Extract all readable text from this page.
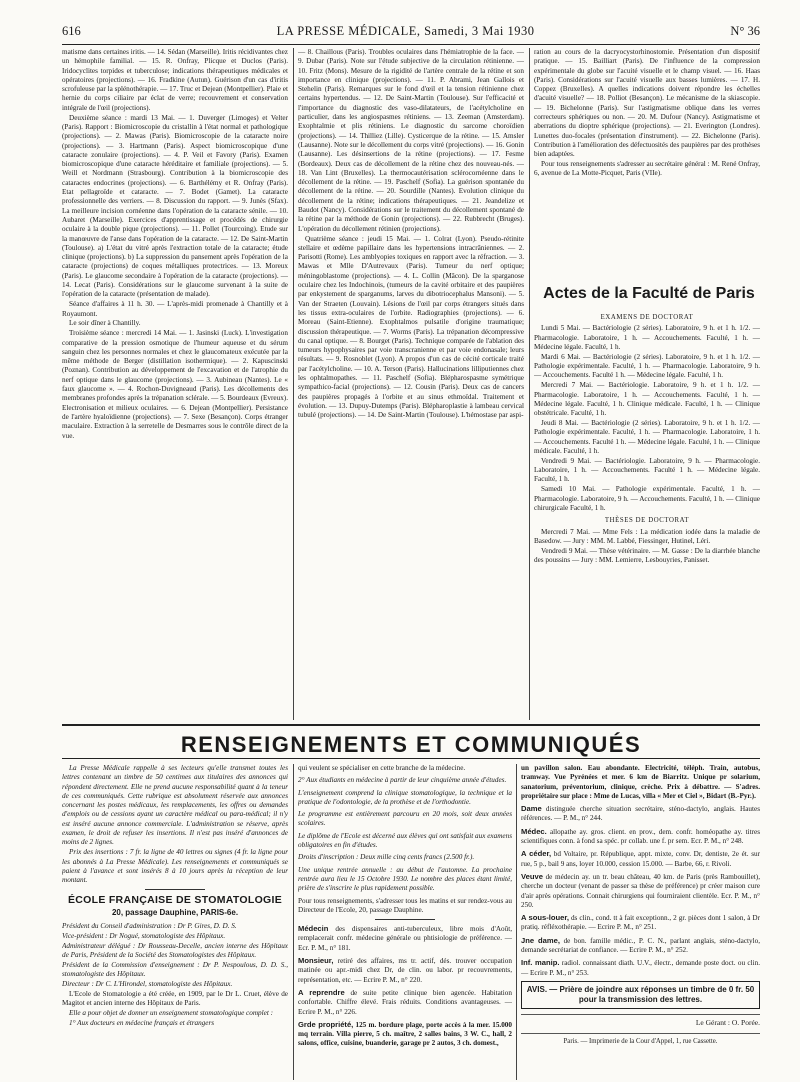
616	LA PRESSE MÉDICALE, Samedi, 3 Mai 1930	N° 36

matisme dans certaines iritis. — 14. Sédan (Marseille). Iritis récidivantes chez un hémophile familial. — 15. R. Onfray, Plicque et Duclos (Paris). Iridocyclites torpides et tuberculose; indications thérapeutiques médicales et opératoires (projections). — 16. Fradkine (Autun). Guérison d'un cas d'iritis scrofuleuse par la splénothérapie. — 17. Truc et Dejean (Montpellier). Plaie et hernie du corps ciliaire par éclat de verre; recouvrement et conservation intégrale de l'œil (projections).

Deuxième séance : mardi 13 Mai. — 1. Duverger (Limoges) et Velter (Paris). Rapport : Biomicroscopie du cristallin à l'état normal et pathologique (projections). — 2. Mawas (Paris). Biomicroscopie de la cataracte noire (projections). — 3. Hartmann (Paris). Aspect biomicroscopique d'une cataracte zonulaire (projections). — 4. P. Veil et Favory (Paris). Examen biomicroscopique d'une cataracte héréditaire et familiale (projections). — 5. Weill et Nordmann (Strasbourg). Contribution à la biomicroscopie des cataractes endocrines (projections). — 6. Barthélémy et R. Onfray (Paris). Etat pellagroïde et cataracte. — 7. Bodet (Gamet). La cataracte professionnelle des verriers. — 8. Discussion du rapport. — 9. Junès (Sfax). La meilleure incision cornéenne dans l'opération de la cataracte sénile. — 10. Aubaret (Marseille). Exercices d'apprentissage et procédés de chirurgie oculaire à la double pique (projections). — 11. Pollet (Tourcoing). Etude sur la manœuvre de l'anse dans l'opération de la cataracte. — 12. De Saint-Martin (Toulouse). a) L'état du vitré après l'extraction totale de la cataracte; étude clinique (projections). b) La suppression du pansement après l'opération de la cataracte (projections) de coques métalliques protectrices. — 13. Moreux (Paris). Le glaucome secondaire à l'opération de la cataracte (projections). — 14. Lecat (Paris). Considérations sur le glaucome survenant à la suite de l'opération de la cataracte (présentation de malade).

Séance d'affaires à 11 h. 30. — L'après-midi promenade à Chantilly et à Royaumont.

Le soir dîner à Chantilly.

Troisième séance : mercredi 14 Mai. — 1. Jasinski (Luck). L'investigation comparative de la pression osmotique de l'humeur aqueuse et du sérum sanguin chez les personnes normales et chez le glaucomateux exécutée par la même méthode de Berger (distillation isothermique). — 2. Kapuscinski (Poznan). Contribution au développement de l'excavation et de l'atrophie du nerf optique dans le glaucome (projections). — 3. Aubineau (Nantes). Le « faux glaucome ». — 4. Rochon-Duvigneaud (Paris). Les décollements des membranes profondes après la trépanation sclérale. — 5. Bourdeaux (Evreux). Electronisation et milieux oculaires. — 6. Dejean (Montpellier). Persistance de l'artère hyaloïdienne (projections). — 7. Sexe (Besançon). Corps étranger maculaire. Extraction à la serretelle de Desmarres sous le contrôle direct de la vue.

— 8. Chaillous (Paris). Troubles oculaires dans l'hémiatrophie de la face. — 9. Dubar (Paris). Note sur l'étude subjective de la circulation rétinienne. — 10. Fritz (Mons). Mesure de la rigidité de l'artère centrale de la rétine et son importance en clinique (projections). — 11. P. Abrami, Jean Gallois et Stehelin (Paris). Remarques sur le fond d'œil et la tension rétinienne chez certains hypertendus. — 12. De Saint-Martin (Toulouse). Sur l'efficacité et l'importance du diagnostic des vaso-dilatateurs, de l'acétylcholine en particulier, dans les angiospasmes rétiniens. — 13. Zeeman (Amsterdam). Exophtalmie et plis rétiniens. Le diagnostic du sarcome choroïdien (projections). — 14. Thilliez (Lille). Cysticerque de la rétine. — 15. Amsler (Lausanne). Note sur le décollement du corps vitré (projections). — 16. Gonin (Lausanne). Les désinsertions de la rétine (projections). — 17. Fesme (Bordeaux). Deux cas de décollement de la rétine chez des nouveau-nés. — 18. Van Lint (Bruxelles). La thermocautérisation sclérocornéenne dans le décollement de la rétine. — 19. Paschelf (Sofia). La guérison spontanée du décollement de la rétine. — 20. Sourdille (Nantes). Evolution clinique du décollement de la rétine; indications thérapeutiques. — 21. Jeandelize et Baudot (Nancy). Considérations sur le traitement du décollement spontané de la rétine par la méthode de Gonin (projections). — 22. Rubbrecht (Bruges). L'opération du décollement rétinien (projections).

Quatrième séance : jeudi 15 Mai. — 1. Colrat (Lyon). Pseudo-rétinite stellaire et œdème papillaire dans les hypertensions intracrâniennes. — 2. Parisotti (Rome). Les amblyopies toxiques en rapport avec la réfraction. — 3. Mawas et Mlle D'Autrevaux (Paris). Tumeur du nerf optique; méningoblastome (projections). — 4. L. Collin (Mâcon). De la sparganose oculaire chez les Indochinois, (tumeurs de la cavité orbitaire et des paupières par enkystement de sparganums, larves du dibotriocephalus Mansoni). — 5. Van der Straeten (Louvain). Lésions de l'œil par corps étrangers situés dans les tissus extra-oculaires de l'orbite. Radiographies (projections). — 6. Moreau (Saint-Etienne). Exophtalmos pulsatile d'origine traumatique; discussion thérapeutique. — 7. Worms (Paris). La trépanation décompressive du canal optique. — 8. Bourget (Paris). Technique comparée de l'ablation des tumeurs hypophysaires par voie transcranienne et par voie endonasale; leurs résultats. — 9. Rosnoblet (Lyon). A propos d'un cas de cécité corticale traité par l'acétylcholine. — 10. A. Terson (Paris). Hallucinations lilliputiennes chez les ophtalmopathes. — 11. Paschelf (Sofia). Blépharospasme symétrique sympathico-facial (projections). — 12. Cousin (Paris). Deux cas de cancers des paupières propagés à l'orbite et au sinus ethmoïdal. Traitement et évolution. — 13. Dupuy-Dutemps (Paris). Blépharoplastie à lambeau cervical tubulé (projections). — 14. De Saint-Martin (Toulouse). L'hémostase par aspi-

ration au cours de la dacryocystorhinostomie. Présentation d'un dispositif pratique. — 15. Bailliart (Paris). De l'influence de la compression expérimentale du globe sur l'acuité visuelle et le champ visuel. — 16. Haas (Paris). Considérations sur l'acuité visuelle aux basses lumières. — 17. H. Coppez (Bruxelles). A quelles indications doivent répondre les échelles d'acuité visuelle? — 18. Polliot (Besançon). Le mécanisme de la skiascopie. — 19. Bichelonne (Paris). Sur l'astigmatisme oblique dans les verres correcteurs sphériques ou non. — 20. M. Dufour (Nancy). Astigmatisme et aberrations du dioptre sphérique (projections). — 21. Everington (Londres). Lunettes duo-focales (présentation d'instrument). — 22. Bichelonne (Paris). Contribution à l'amélioration des défectuosités des paupières par des prothèses bien adaptées.

Pour tous renseignements s'adresser au secrétaire général : M. René Onfray, 6, avenue de La Motte-Picquet, Paris (VIIe).

Actes de la Faculté de Paris
EXAMENS DE DOCTORAT

Lundi 5 Mai. — Bactériologie (2 séries). Laboratoire, 9 h. et 1 h. 1/2. — Pharmacologie. Laboratoire, 1 h. — Accouchements. Faculté, 1 h. — Médecine légale. Faculté, 1 h.

Mardi 6 Mai. — Bactériologie (2 séries). Laboratoire, 9 h. et 1 h. 1/2. — Pathologie expérimentale. Faculté, 1 h. — Pharmacologie. Laboratoire, 9 h. — Accouchements. Faculté 1 h. — Médecine légale. Faculté, 1 h.

Mercredi 7 Mai. — Bactériologie. Laboratoire, 9 h. et 1 h. 1/2. — Pharmacologie. Laboratoire, 1 h. — Accouchements. Faculté, 1 h. — Médecine légale. Faculté, 1 h. Clinique médicale. Faculté, 1 h. — Clinique obstétricale. Faculté, 1 h.

Jeudi 8 Mai. — Bactériologie (2 séries). Laboratoire, 9 h. et 1 h. 1/2. — Pathologie expérimentale. Faculté, 1 h. — Pharmacologie. Laboratoire, 1 h. — Accouchements. Faculté 1 h. — Médecine légale. Faculté, 1 h. — Clinique médicale. Faculté, 1 h.

Vendredi 9 Mai. — Bactériologie. Laboratoire, 9 h. — Pharmacologie. Laboratoire, 1 h. — Accouchements. Faculté 1 h. — Médecine légale. Faculté, 1 h.

Samedi 10 Mai. — Pathologie expérimentale. Faculté, 1 h. — Pharmacologie. Laboratoire, 9 h. — Accouchements. Faculté, 1 h. — Clinique chirurgicale Faculté, 1 h.

THÈSES DE DOCTORAT

Mercredi 7 Mai. — Mme Fels : La médication iodée dans la maladie de Basedow. — Jury : MM. M. Labbé, Fiessinger, Hutinel, Léri.

Vendredi 9 Mai. — Thèse vétérinaire. — M. Gasse : De la diarrhée blanche des poussins — Jury : MM. Lemierre, Lesbouyries, Panisset.

RENSEIGNEMENTS ET COMMUNIQUÉS

La Presse Médicale rappelle à ses lecteurs qu'elle transmet toutes les lettres contenant un timbre de 50 centimes aux titulaires des annonces qui répondent directement. Elle ne prend aucune responsabilité quant à la teneur de ces communiqués. Cette rubrique est absolument réservée aux annonces concernant les postes médicaux, les remplacements, les offres ou demandes d'emplois ou de cessions ayant un caractère médical ou para-médical; il n'y est inséré aucune annonce commerciale. L'administration se réserve, après examen, le droit de refuser les insertions. Il n'est pas inséré d'annonces de moins de 2 lignes.

Prix des insertions : 7 fr. la ligne de 40 lettres ou signes (4 fr. la ligne pour les abonnés à La Presse Médicale). Les renseignements et communiqués se paient à l'avance et sont insérés 8 à 10 jours après la réception de leur montant.

ÉCOLE FRANÇAISE DE STOMATOLOGIE
20, passage Dauphine, PARIS-6e.

Président du Conseil d'administration : Dr P. Gires, D. D. S.

Vice-président : Dr Nogué, stomatologiste des Hôpitaux.

Administrateur délégué : Dr Rousseau-Decelle, ancien interne des Hôpitaux de Paris, Président de la Société des Stomatologistes des Hôpitaux.

Président de la Commission d'enseignement : Dr P. Nespoulous, D. D. S., stomatologiste des Hôpitaux.

Directeur : Dr C. L'Hirondel, stomatologiste des Hôpitaux.

L'Ecole de Stomatologie a été créée, en 1909, par le Dr L. Cruet, élève de Magitot et ancien interne des Hôpitaux de Paris.

Elle a pour objet de donner un enseignement stomatologique complet :

1° Aux docteurs en médecine français et étrangers

qui veulent se spécialiser en cette branche de la médecine.

2° Aux étudiants en médecine à partir de leur cinquième année d'études.

L'enseignement comprend la clinique stomatologique, la technique et la pratique de l'odontologie, de la prothèse et de l'orthodontie.

Le programme est entièrement parcouru en 20 mois, soit deux années scolaires.

Le diplôme de l'Ecole est décerné aux élèves qui ont satisfait aux examens obligatoires en fin d'études.

Droits d'inscription : Deux mille cinq cents francs (2.500 fr.).

Une unique rentrée annuelle : au début de l'automne. La prochaine rentrée aura lieu le 15 Octobre 1930. Le nombre des places étant limité, prière de s'inscrire le plus rapidement possible.

Pour tous renseignements, s'adresser tous les matins et sur rendez-vous au Directeur de l'Ecole, 20, passage Dauphine.

Médecin des dispensaires anti-tuberculeux, libre mois d'Août, remplacerait confr. médecine générale ou phtisiologie de préférence. — Ecr. P. M., n° 181.

Monsieur, retiré des affaires, ms tr. actif, dés. trouver occupation matinée ou apr.-midi chez Dr, de clin. ou labor. pr recouvrements, représentation, etc. — Ecrire P. M., n° 220.

A reprendre de suite petite clinique bien agencée. Habitation confortable. Chiffre élevé. Frais réduits. Conditions avantageuses. — Ecrire P. M., n° 226.

Grde propriété, 125 m. bordure plage, porte accès à la mer. 15.000 mq terrain. Villa pierre, 5 ch. maître, 2 salles bains, 3 W. C., hall, 2 salons, office, cuisine, buanderie, garage pr 2 autos, 3 ch. domest.,

un pavillon salon. Eau abondante. Electricité, téléph. Train, autobus, tramway. Vue Pyrénées et mer. 6 km de Biarritz. Unique pr solarium, sanatorium, préventorium, clinique, crèche. Prix à débattre. — S'adres. propriétaire sur place : Mme de Lucas, villa « Mer et Ciel », Bidart (B.-Pyr.).

Dame distinguée cherche situation secrétaire, sténo-dactylo, anglais. Hautes références. — P. M., n° 244.

Médec. allopathe ay. gros. client. en prov., dem. confr. homéopathe ay. titres scientifiques conn. à fond sa spéc. pr collab. une f. pr sem. Ecr. P. M., n° 248.

A céder, bd Voltaire, pr. République, appt. mixte, conv. Dr, dentiste, 2e ét. sur rue, 5 p., bail 9 ans, loyer 10.000, cession 15.000. — Barbe, 66, r. Rivoli.

Veuve de médecin ay. un tr. beau château, 40 km. de Paris (près Rambouillet), cherche un docteur (venant de passer sa thèse de préférence) pr créer maison cure d'air après opérations. Connait chirurgiens qui fourniraient clientèle. Ecr. P. M., n° 250.

A sous-louer, ds clin., cond. tt à fait exceptionn., 2 gr. pièces dont 1 salon, à Dr pratiq. réfléxothérapie. — Ecrire P. M., n° 251.

Jne dame, de bon. famille médic., P. C. N., parlant anglais, sténo-dactylo, demande secrétariat de confiance. — Ecrire P. M., n° 252.

Inf. manip. radiol. connaissant diath. U.V., électr., demande poste doct. ou clin. — Ecrire P. M., n° 253.

AVIS. — Prière de joindre aux réponses un timbre de 0 fr. 50 pour la transmission des lettres.
Le Gérant : O. Porée.
Paris. — Imprimerie de la Cour d'Appel, 1, rue Cassette.
